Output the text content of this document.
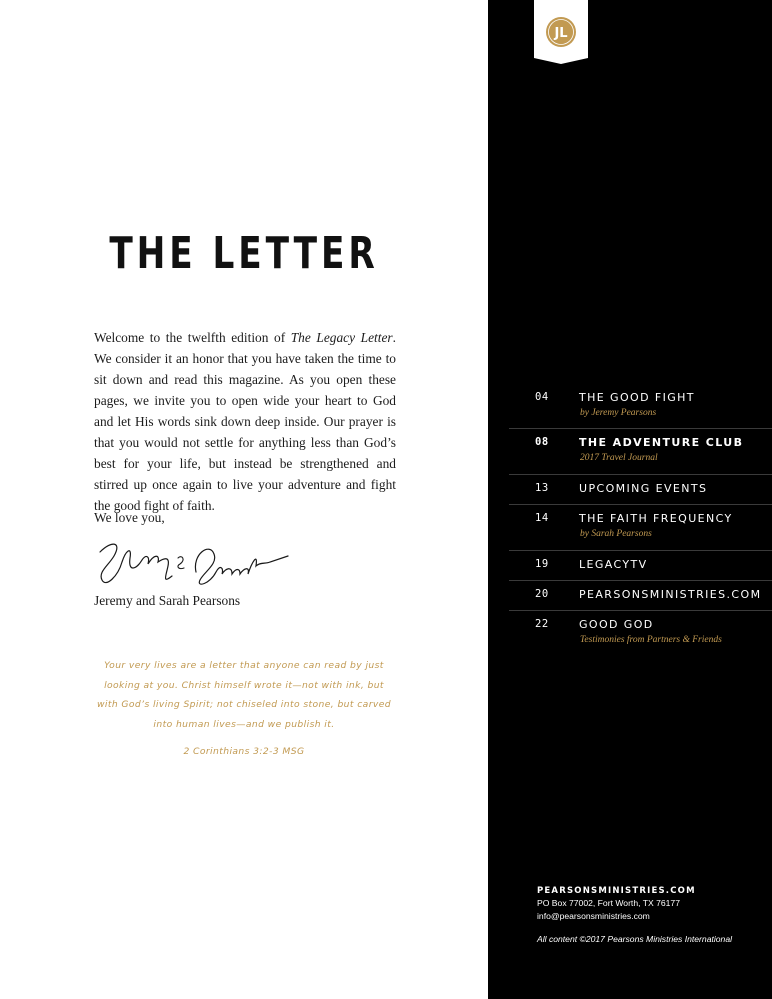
THE LETTER
Welcome to the twelfth edition of The Legacy Letter. We consider it an honor that you have taken the time to sit down and read this magazine. As you open these pages, we invite you to open wide your heart to God and let His words sink down deep inside. Our prayer is that you would not settle for anything less than God’s best for your life, but instead be strengthened and stirred up once again to live your adventure and fight the good fight of faith.
We love you,
Jeremy and Sarah Pearsons
Your very lives are a letter that anyone can read by just looking at you. Christ himself wrote it—not with ink, but with God’s living Spirit; not chiseled into stone, but carved into human lives—and we publish it.
2 Corinthians 3:2-3 MSG
04	THE GOOD FIGHT
by Jeremy Pearsons
08	THE ADVENTURE CLUB
2017 Travel Journal
13	UPCOMING EVENTS
14	THE FAITH FREQUENCY
by Sarah Pearsons
19	LEGACYTV
20	PEARSONSMINISTRIES.COM
22	GOOD GOD
Testimonies from Partners & Friends
PEARSONSMINISTRIES.COM
PO Box 77002, Fort Worth, TX 76177
info@pearsonsministries.com
All content ©2017 Pearsons Ministries International
JL
